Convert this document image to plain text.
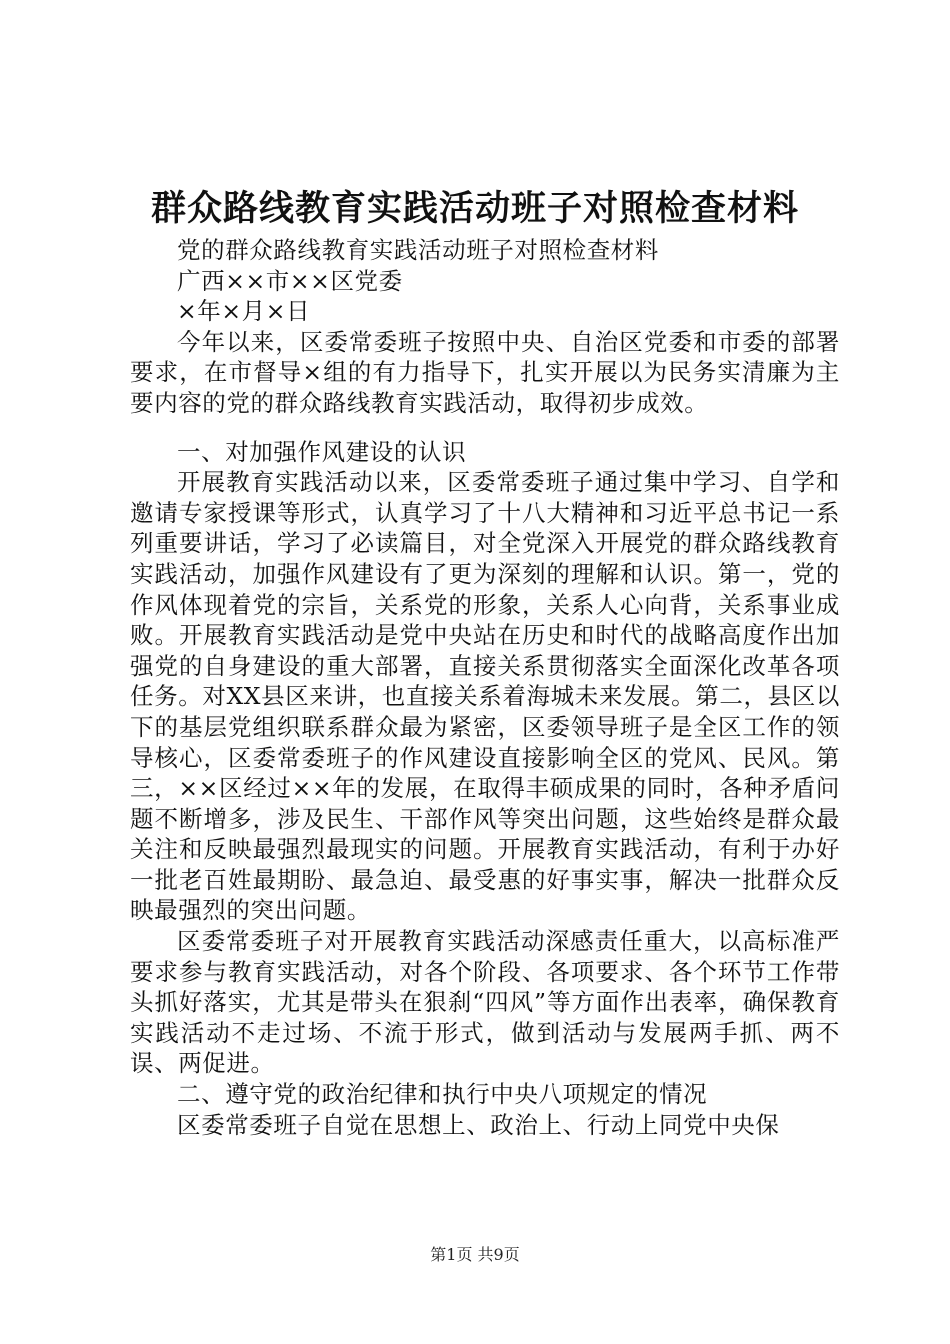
群众路线教育实践活动班子对照检查材料

党的群众路线教育实践活动班子对照检查材料

广西××市××区党委

×年×月×日

今年以来，区委常委班子按照中央、自治区党委和市委的部署要求，在市督导×组的有力指导下，扎实开展以为民务实清廉为主要内容的党的群众路线教育实践活动，取得初步成效。

一、对加强作风建设的认识

开展教育实践活动以来，区委常委班子通过集中学习、自学和邀请专家授课等形式，认真学习了十八大精神和习近平总书记一系列重要讲话，学习了必读篇目，对全党深入开展党的群众路线教育实践活动，加强作风建设有了更为深刻的理解和认识。第一，党的作风体现着党的宗旨，关系党的形象，关系人心向背，关系事业成败。开展教育实践活动是党中央站在历史和时代的战略高度作出加强党的自身建设的重大部署，直接关系贯彻落实全面深化改革各项任务。对XX县区来讲，也直接关系着海城未来发展。第二，县区以下的基层党组织联系群众最为紧密，区委领导班子是全区工作的领导核心，区委常委班子的作风建设直接影响全区的党风、民风。第三，××区经过××年的发展，在取得丰硕成果的同时，各种矛盾问题不断增多，涉及民生、干部作风等突出问题，这些始终是群众最关注和反映最强烈最现实的问题。开展教育实践活动，有利于办好一批老百姓最期盼、最急迫、最受惠的好事实事，解决一批群众反映最强烈的突出问题。

区委常委班子对开展教育实践活动深感责任重大，以高标准严要求参与教育实践活动，对各个阶段、各项要求、各个环节工作带头抓好落实，尤其是带头在狠刹“四风”等方面作出表率，确保教育实践活动不走过场、不流于形式，做到活动与发展两手抓、两不误、两促进。

二、遵守党的政治纪律和执行中央八项规定的情况

区委常委班子自觉在思想上、政治上、行动上同党中央保

第1页 共9页
